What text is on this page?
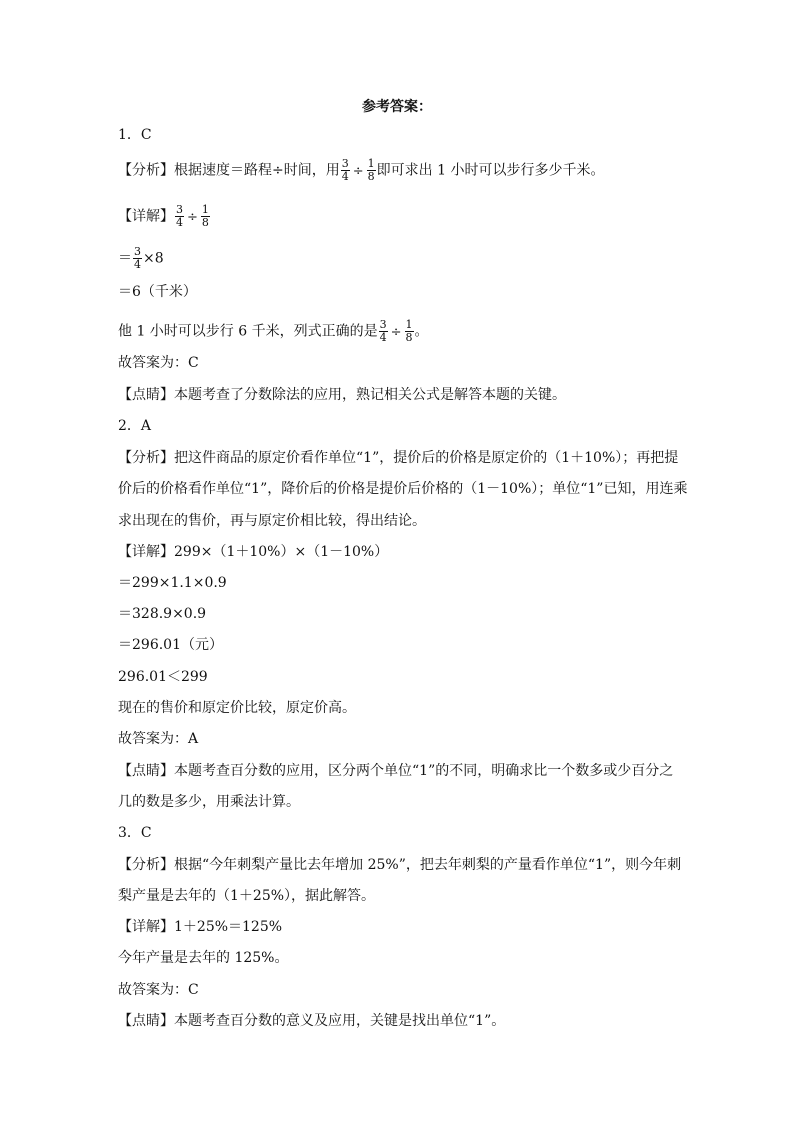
参考答案：
1．C
【分析】根据速度＝路程÷时间，用 $\frac{3}{4} \div \frac{1}{8}$ 即可求出 1 小时可以步行多少千米。
【详解】 $\frac{3}{4} \div \frac{1}{8}$
＝ $\frac{3}{4} \times 8$
＝6（千米）
他 1 小时可以步行 6 千米，列式正确的是 $\frac{3}{4} \div \frac{1}{8}$ 。
故答案为：C
【点睛】本题考查了分数除法的应用，熟记相关公式是解答本题的关键。
2．A
【分析】把这件商品的原定价看作单位“1”，提价后的价格是原定价的（1＋10%）；再把提
价后的价格看作单位“1”，降价后的价格是提价后价格的（1－10%）；单位“1”已知，用连乘
求出现在的售价，再与原定价相比较，得出结论。
【详解】299×（1＋10%）×（1－10%）
＝299×1.1×0.9
＝328.9×0.9
＝296.01（元）
296.01＜299
现在的售价和原定价比较，原定价高。
故答案为：A
【点睛】本题考查百分数的应用，区分两个单位“1”的不同，明确求比一个数多或少百分之
几的数是多少，用乘法计算。
3．C
【分析】根据“今年刺梨产量比去年增加 25%”，把去年刺梨的产量看作单位“1”，则今年刺
梨产量是去年的（1＋25%），据此解答。
【详解】1＋25%＝125%
今年产量是去年的 125%。
故答案为：C
【点睛】本题考查百分数的意义及应用，关键是找出单位“1”。
